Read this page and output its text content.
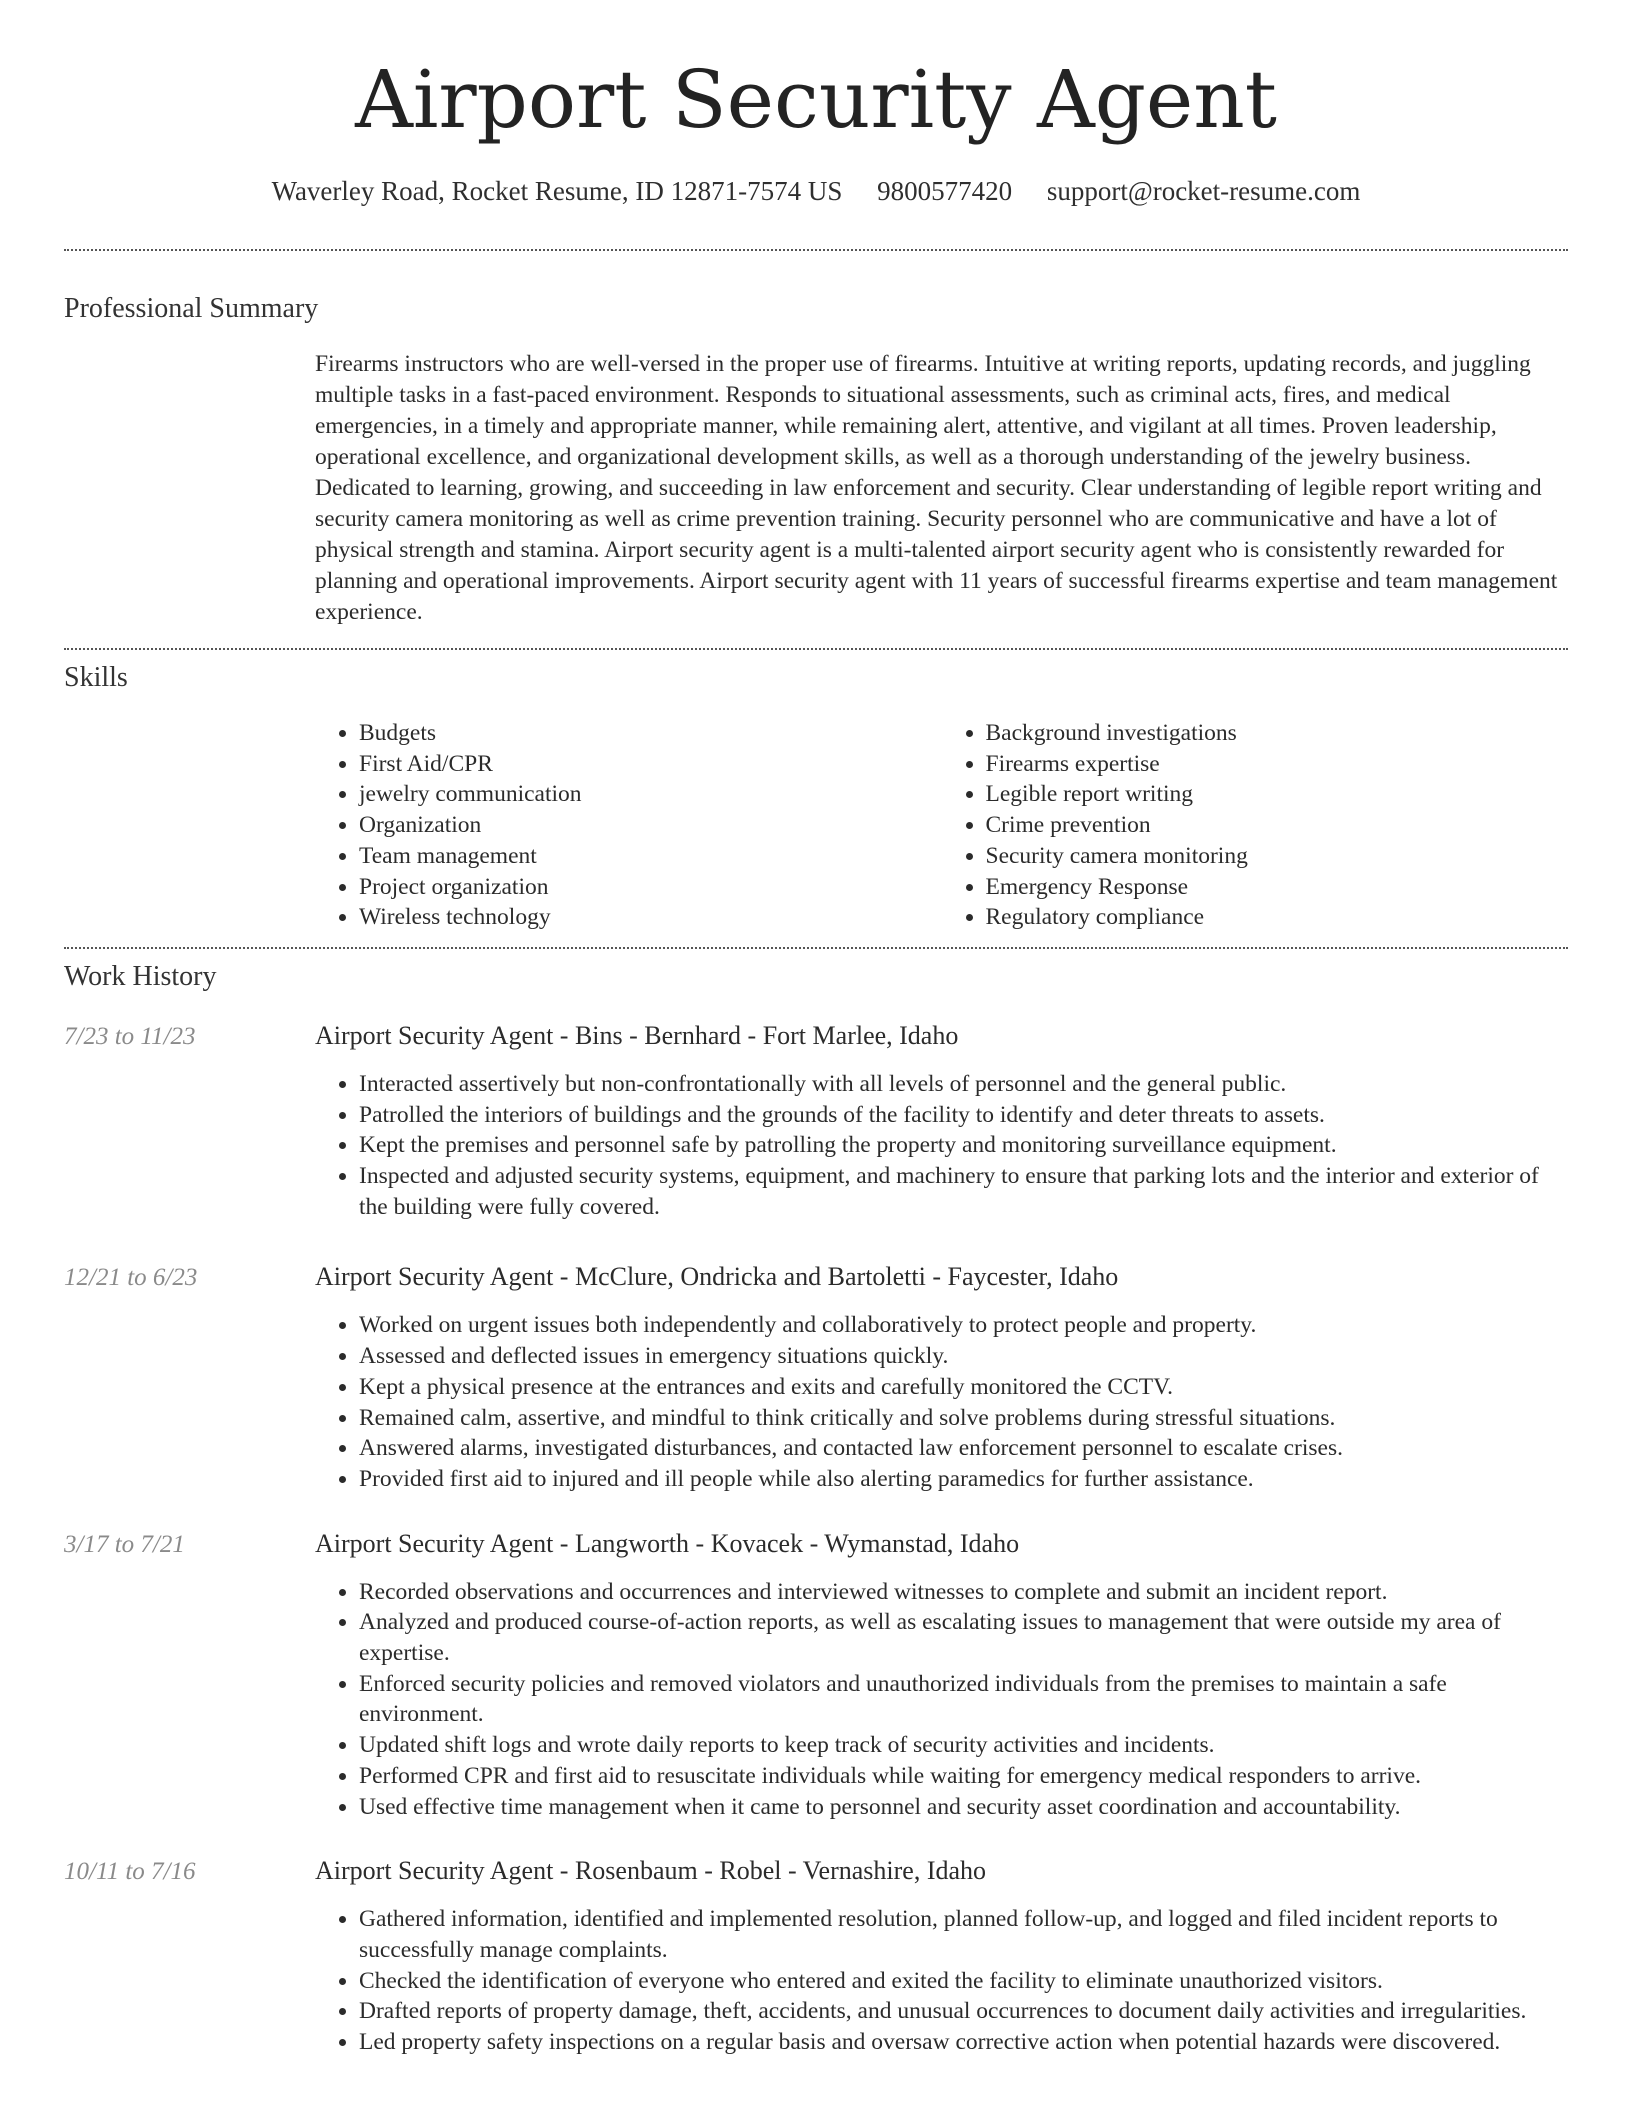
Airport Security Agent
Waverley Road, Rocket Resume, ID 12871-7574 US 9800577420 support@rocket-resume.com
Professional Summary
Firearms instructors who are well-versed in the proper use of firearms. Intuitive at writing reports, updating records, and juggling multiple tasks in a fast-paced environment. Responds to situational assessments, such as criminal acts, fires, and medical emergencies, in a timely and appropriate manner, while remaining alert, attentive, and vigilant at all times. Proven leadership, operational excellence, and organizational development skills, as well as a thorough understanding of the jewelry business. Dedicated to learning, growing, and succeeding in law enforcement and security. Clear understanding of legible report writing and security camera monitoring as well as crime prevention training. Security personnel who are communicative and have a lot of physical strength and stamina. Airport security agent is a multi-talented airport security agent who is consistently rewarded for planning and operational improvements. Airport security agent with 11 years of successful firearms expertise and team management experience.
Skills
• Budgets
• First Aid/CPR
• jewelry communication
• Organization
• Team management
• Project organization
• Wireless technology
• Background investigations
• Firearms expertise
• Legible report writing
• Crime prevention
• Security camera monitoring
• Emergency Response
• Regulatory compliance
Work History
7/23 to 11/23	Airport Security Agent - Bins - Bernhard - Fort Marlee, Idaho
• Interacted assertively but non-confrontationally with all levels of personnel and the general public.
• Patrolled the interiors of buildings and the grounds of the facility to identify and deter threats to assets.
• Kept the premises and personnel safe by patrolling the property and monitoring surveillance equipment.
• Inspected and adjusted security systems, equipment, and machinery to ensure that parking lots and the interior and exterior of the building were fully covered.
12/21 to 6/23	Airport Security Agent - McClure, Ondricka and Bartoletti - Faycester, Idaho
• Worked on urgent issues both independently and collaboratively to protect people and property.
• Assessed and deflected issues in emergency situations quickly.
• Kept a physical presence at the entrances and exits and carefully monitored the CCTV.
• Remained calm, assertive, and mindful to think critically and solve problems during stressful situations.
• Answered alarms, investigated disturbances, and contacted law enforcement personnel to escalate crises.
• Provided first aid to injured and ill people while also alerting paramedics for further assistance.
3/17 to 7/21	Airport Security Agent - Langworth - Kovacek - Wymanstad, Idaho
• Recorded observations and occurrences and interviewed witnesses to complete and submit an incident report.
• Analyzed and produced course-of-action reports, as well as escalating issues to management that were outside my area of expertise.
• Enforced security policies and removed violators and unauthorized individuals from the premises to maintain a safe environment.
• Updated shift logs and wrote daily reports to keep track of security activities and incidents.
• Performed CPR and first aid to resuscitate individuals while waiting for emergency medical responders to arrive.
• Used effective time management when it came to personnel and security asset coordination and accountability.
10/11 to 7/16	Airport Security Agent - Rosenbaum - Robel - Vernashire, Idaho
• Gathered information, identified and implemented resolution, planned follow-up, and logged and filed incident reports to successfully manage complaints.
• Checked the identification of everyone who entered and exited the facility to eliminate unauthorized visitors.
• Drafted reports of property damage, theft, accidents, and unusual occurrences to document daily activities and irregularities.
• Led property safety inspections on a regular basis and oversaw corrective action when potential hazards were discovered.
